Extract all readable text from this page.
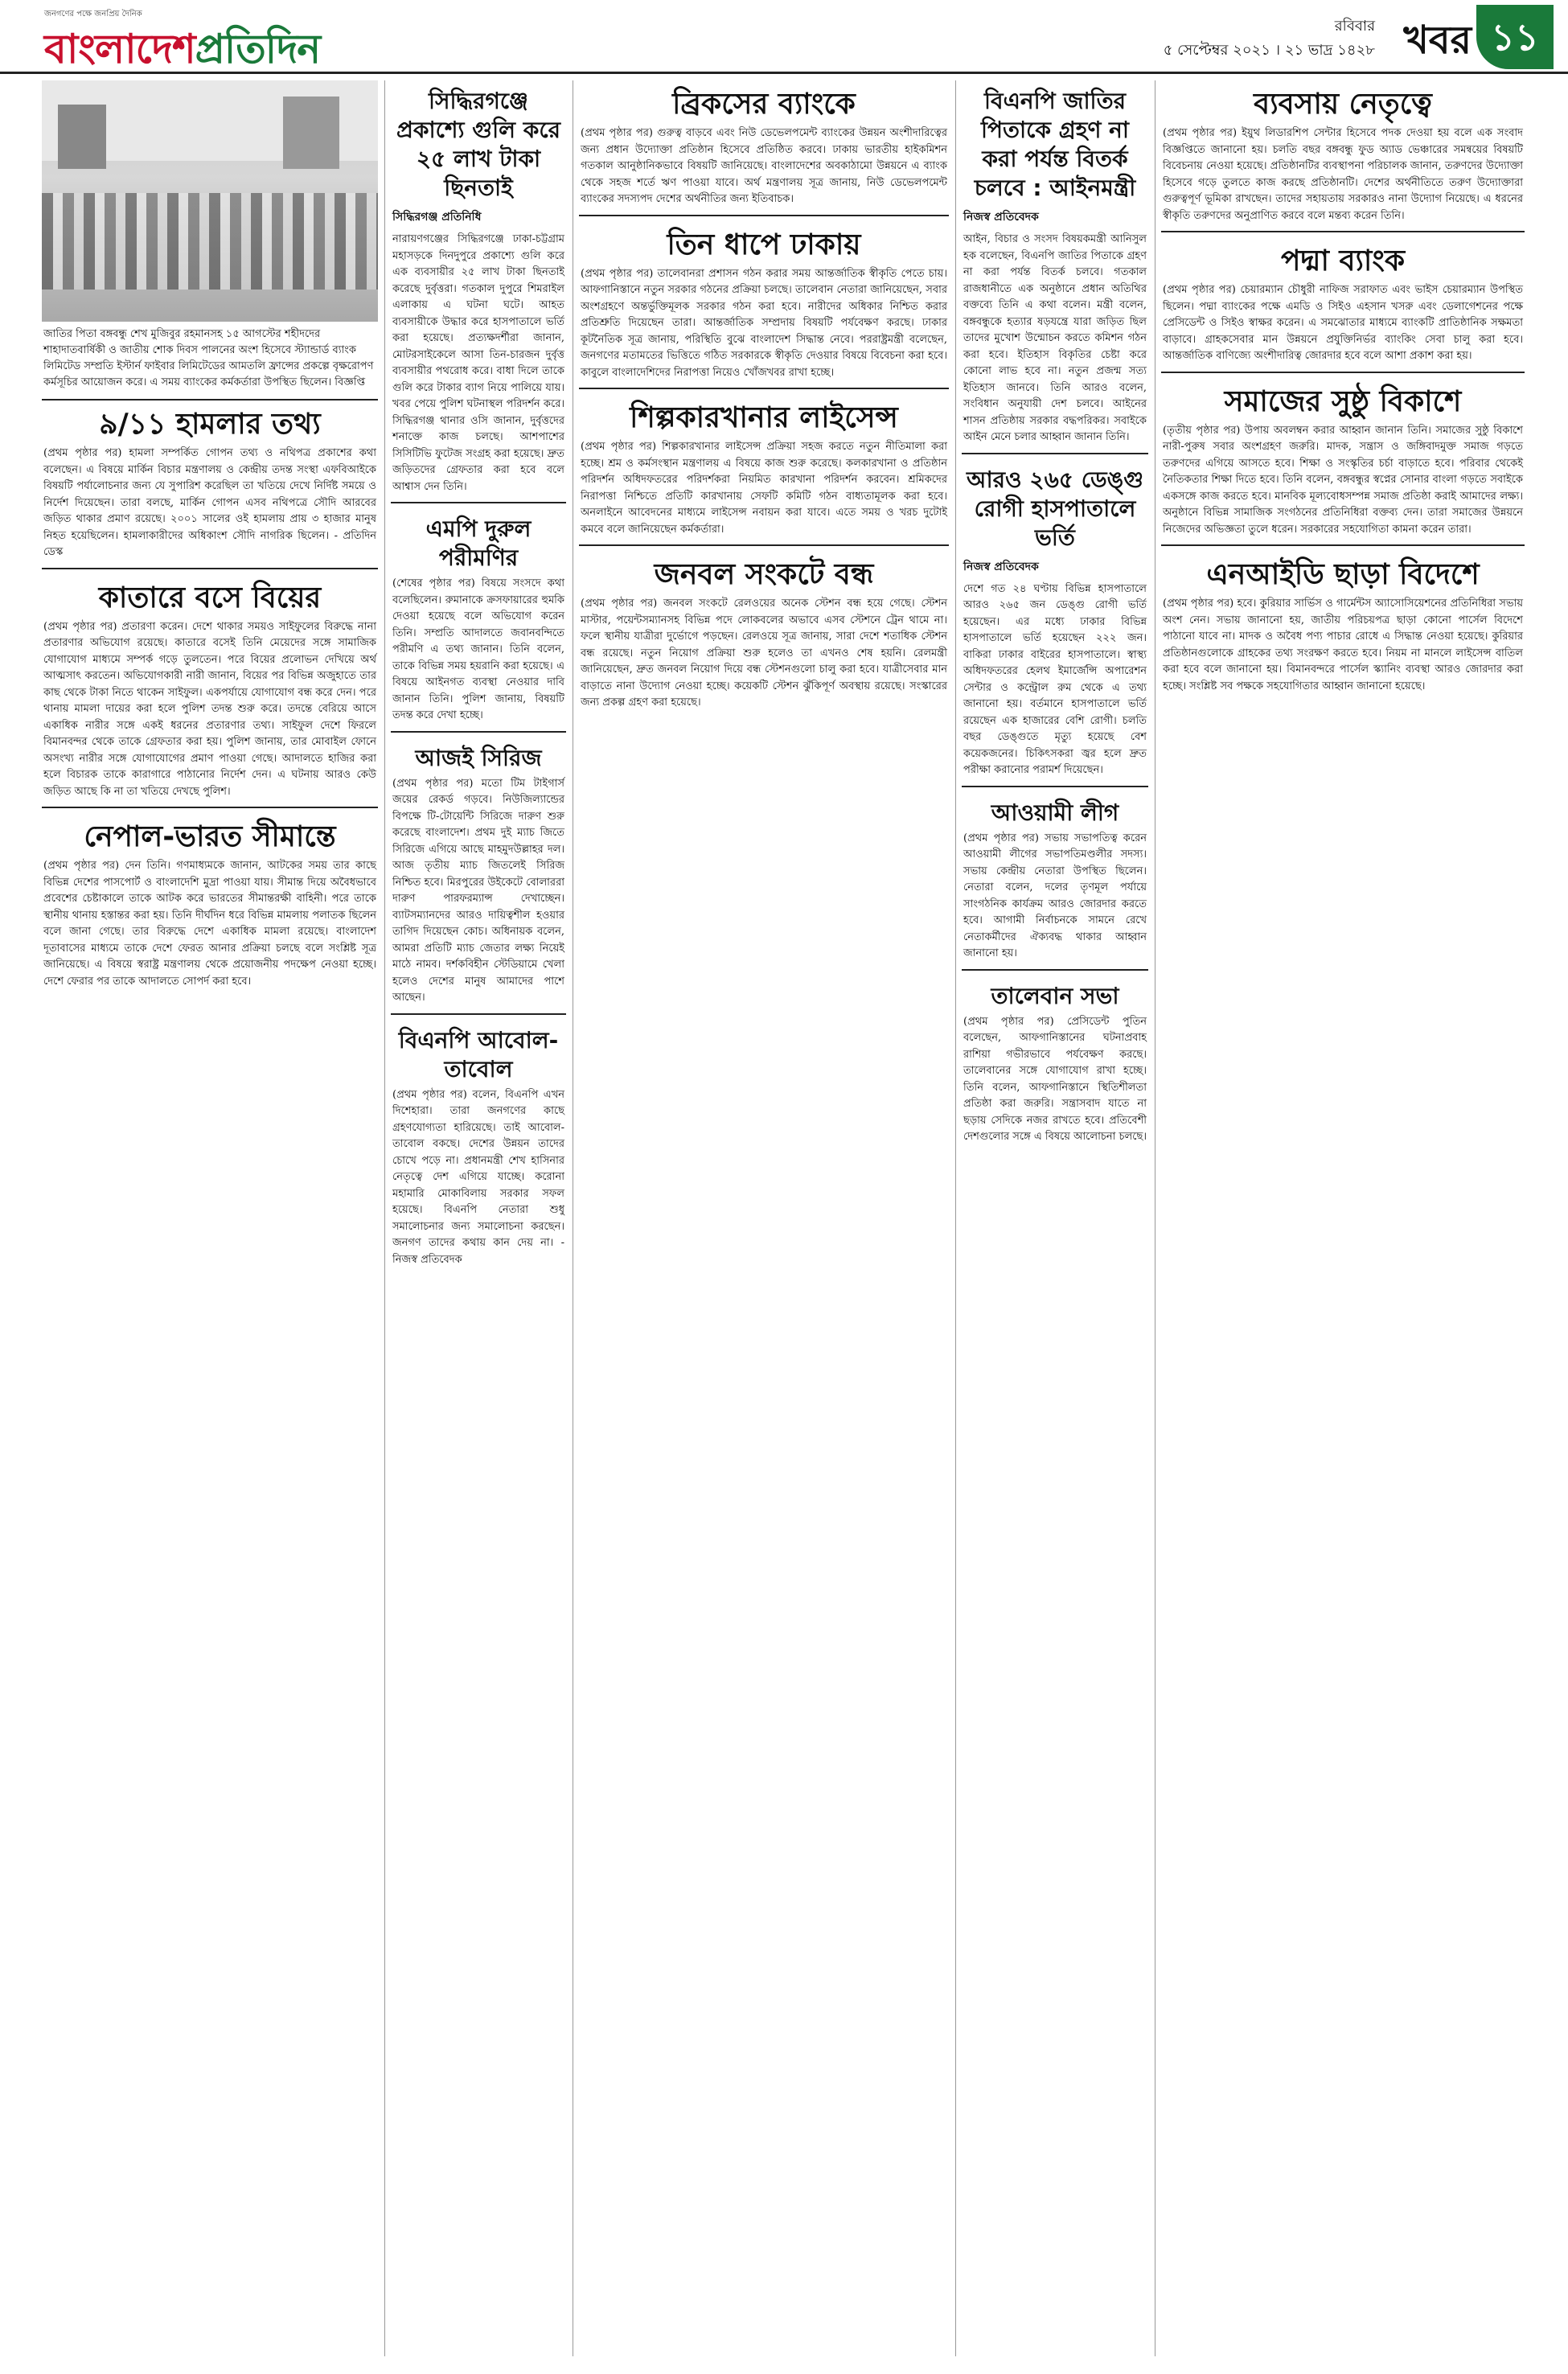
জনগণের পক্ষে জনপ্রিয় দৈনিক
বাংলাদেশপ্রতিদিন	রবিবার
৫ সেপ্টেম্বর ২০২১ । ২১ ভাদ্র ১৪২৮ খবর ১১
জাতির পিতা বঙ্গবন্ধু শেখ মুজিবুর রহমানসহ ১৫ আগস্টের শহীদদের শাহাদাতবার্ষিকী ও জাতীয় শোক দিবস পালনের অংশ হিসেবে স্ট্যান্ডার্ড ব্যাংক লিমিটেড সম্প্রতি ইস্টার্ন ফাইবার লিমিটেডের আমতলি ফ্রান্সের প্রকল্পে বৃক্ষরোপণ কর্মসূচির আয়োজন করে। এ সময় ব্যাংকের কর্মকর্তারা উপস্থিত ছিলেন। বিজ্ঞপ্তি
৯/১১ হামলার তথ্য
(প্রথম পৃষ্ঠার পর) হামলা সম্পর্কিত গোপন তথ্য ও নথিপত্র প্রকাশের কথা বলেছেন। এ বিষয়ে মার্কিন বিচার মন্ত্রণালয় ও কেন্দ্রীয় তদন্ত সংস্থা এফবিআইকে বিষয়টি পর্যালোচনার জন্য যে সুপারিশ করেছিল তা খতিয়ে দেখে নির্দিষ্ট সময়ে ও নির্দেশ দিয়েছেন। তারা বলছে, মার্কিন গোপন এসব নথিপত্রে সৌদি আরবের জড়িত থাকার প্রমাণ রয়েছে। ২০০১ সালের ওই হামলায় প্রায় ৩ হাজার মানুষ নিহত হয়েছিলেন। হামলাকারীদের অধিকাংশ সৌদি নাগরিক ছিলেন। - প্রতিদিন ডেস্ক
কাতারে বসে বিয়ের
(প্রথম পৃষ্ঠার পর) প্রতারণা করেন। দেশে থাকার সময়ও সাইফুলের বিরুদ্ধে নানা প্রতারণার অভিযোগ রয়েছে। কাতারে বসেই তিনি মেয়েদের সঙ্গে সামাজিক যোগাযোগ মাধ্যমে সম্পর্ক গড়ে তুলতেন। পরে বিয়ের প্রলোভন দেখিয়ে অর্থ আত্মসাৎ করতেন। অভিযোগকারী নারী জানান, বিয়ের পর বিভিন্ন অজুহাতে তার কাছ থেকে টাকা নিতে থাকেন সাইফুল। একপর্যায়ে যোগাযোগ বন্ধ করে দেন। পরে থানায় মামলা দায়ের করা হলে পুলিশ তদন্ত শুরু করে। তদন্তে বেরিয়ে আসে একাধিক নারীর সঙ্গে একই ধরনের প্রতারণার তথ্য। সাইফুল দেশে ফিরলে বিমানবন্দর থেকে তাকে গ্রেফতার করা হয়। পুলিশ জানায়, তার মোবাইল ফোনে অসংখ্য নারীর সঙ্গে যোগাযোগের প্রমাণ পাওয়া গেছে। আদালতে হাজির করা হলে বিচারক তাকে কারাগারে পাঠানোর নির্দেশ দেন। এ ঘটনায় আরও কেউ জড়িত আছে কি না তা খতিয়ে দেখছে পুলিশ।
নেপাল-ভারত সীমান্তে
(প্রথম পৃষ্ঠার পর) দেন তিনি। গণমাধ্যমকে জানান, আটকের সময় তার কাছে বিভিন্ন দেশের পাসপোর্ট ও বাংলাদেশি মুদ্রা পাওয়া যায়। সীমান্ত দিয়ে অবৈধভাবে প্রবেশের চেষ্টাকালে তাকে আটক করে ভারতের সীমান্তরক্ষী বাহিনী। পরে তাকে স্থানীয় থানায় হস্তান্তর করা হয়। তিনি দীর্ঘদিন ধরে বিভিন্ন মামলায় পলাতক ছিলেন বলে জানা গেছে। তার বিরুদ্ধে দেশে একাধিক মামলা রয়েছে। বাংলাদেশ দূতাবাসের মাধ্যমে তাকে দেশে ফেরত আনার প্রক্রিয়া চলছে বলে সংশ্লিষ্ট সূত্র জানিয়েছে। এ বিষয়ে স্বরাষ্ট্র মন্ত্রণালয় থেকে প্রয়োজনীয় পদক্ষেপ নেওয়া হচ্ছে। দেশে ফেরার পর তাকে আদালতে সোপর্দ করা হবে।
সিদ্ধিরগঞ্জে প্রকাশ্যে গুলি করে ২৫ লাখ টাকা ছিনতাই
সিদ্ধিরগঞ্জ প্রতিনিধি
নারায়ণগঞ্জের সিদ্ধিরগঞ্জে ঢাকা-চট্টগ্রাম মহাসড়কে দিনদুপুরে প্রকাশ্যে গুলি করে এক ব্যবসায়ীর ২৫ লাখ টাকা ছিনতাই করেছে দুর্বৃত্তরা। গতকাল দুপুরে শিমরাইল এলাকায় এ ঘটনা ঘটে। আহত ব্যবসায়ীকে উদ্ধার করে হাসপাতালে ভর্তি করা হয়েছে। প্রত্যক্ষদর্শীরা জানান, মোটরসাইকেলে আসা তিন-চারজন দুর্বৃত্ত ব্যবসায়ীর পথরোধ করে। বাধা দিলে তাকে গুলি করে টাকার ব্যাগ নিয়ে পালিয়ে যায়। খবর পেয়ে পুলিশ ঘটনাস্থল পরিদর্শন করে। সিদ্ধিরগঞ্জ থানার ওসি জানান, দুর্বৃত্তদের শনাক্তে কাজ চলছে। আশপাশের সিসিটিভি ফুটেজ সংগ্রহ করা হয়েছে। দ্রুত জড়িতদের গ্রেফতার করা হবে বলে আশ্বাস দেন তিনি।
এমপি দুরুল পরীমণির
(শেষের পৃষ্ঠার পর) বিষয়ে সংসদে কথা বলেছিলেন। রুমানাকে ক্রসফায়ারের হুমকি দেওয়া হয়েছে বলে অভিযোগ করেন তিনি। সম্প্রতি আদালতে জবানবন্দিতে পরীমণি এ তথ্য জানান। তিনি বলেন, তাকে বিভিন্ন সময় হয়রানি করা হয়েছে। এ বিষয়ে আইনগত ব্যবস্থা নেওয়ার দাবি জানান তিনি। পুলিশ জানায়, বিষয়টি তদন্ত করে দেখা হচ্ছে।
আজই সিরিজ
(প্রথম পৃষ্ঠার পর) মতো টিম টাইগার্স জয়ের রেকর্ড গড়বে। নিউজিল্যান্ডের বিপক্ষে টি-টোয়েন্টি সিরিজে দারুণ শুরু করেছে বাংলাদেশ। প্রথম দুই ম্যাচ জিতে সিরিজে এগিয়ে আছে মাহমুদউল্লাহর দল। আজ তৃতীয় ম্যাচ জিতলেই সিরিজ নিশ্চিত হবে। মিরপুরের উইকেটে বোলাররা দারুণ পারফরম্যান্স দেখাচ্ছেন। ব্যাটসম্যানদের আরও দায়িত্বশীল হওয়ার তাগিদ দিয়েছেন কোচ। অধিনায়ক বলেন, আমরা প্রতিটি ম্যাচ জেতার লক্ষ্য নিয়েই মাঠে নামব। দর্শকবিহীন স্টেডিয়ামে খেলা হলেও দেশের মানুষ আমাদের পাশে আছেন।
বিএনপি আবোল-তাবোল
(প্রথম পৃষ্ঠার পর) বলেন, বিএনপি এখন দিশেহারা। তারা জনগণের কাছে গ্রহণযোগ্যতা হারিয়েছে। তাই আবোল-তাবোল বকছে। দেশের উন্নয়ন তাদের চোখে পড়ে না। প্রধানমন্ত্রী শেখ হাসিনার নেতৃত্বে দেশ এগিয়ে যাচ্ছে। করোনা মহামারি মোকাবিলায় সরকার সফল হয়েছে। বিএনপি নেতারা শুধু সমালোচনার জন্য সমালোচনা করছেন। জনগণ তাদের কথায় কান দেয় না। - নিজস্ব প্রতিবেদক
ব্রিকসের ব্যাংকে
(প্রথম পৃষ্ঠার পর) গুরুত্ব বাড়বে এবং নিউ ডেভেলপমেন্ট ব্যাংকের উন্নয়ন অংশীদারিত্বের জন্য প্রধান উদ্যোক্তা প্রতিষ্ঠান হিসেবে প্রতিষ্ঠিত করবে। ঢাকায় ভারতীয় হাইকমিশন গতকাল আনুষ্ঠানিকভাবে বিষয়টি জানিয়েছে। বাংলাদেশের অবকাঠামো উন্নয়নে এ ব্যাংক থেকে সহজ শর্তে ঋণ পাওয়া যাবে। অর্থ মন্ত্রণালয় সূত্র জানায়, নিউ ডেভেলপমেন্ট ব্যাংকের সদস্যপদ দেশের অর্থনীতির জন্য ইতিবাচক।
তিন ধাপে ঢাকায়
(প্রথম পৃষ্ঠার পর) তালেবানরা প্রশাসন গঠন করার সময় আন্তর্জাতিক স্বীকৃতি পেতে চায়। আফগানিস্তানে নতুন সরকার গঠনের প্রক্রিয়া চলছে। তালেবান নেতারা জানিয়েছেন, সবার অংশগ্রহণে অন্তর্ভুক্তিমূলক সরকার গঠন করা হবে। নারীদের অধিকার নিশ্চিত করার প্রতিশ্রুতি দিয়েছেন তারা। আন্তর্জাতিক সম্প্রদায় বিষয়টি পর্যবেক্ষণ করছে। ঢাকার কূটনৈতিক সূত্র জানায়, পরিস্থিতি বুঝে বাংলাদেশ সিদ্ধান্ত নেবে। পররাষ্ট্রমন্ত্রী বলেছেন, জনগণের মতামতের ভিত্তিতে গঠিত সরকারকে স্বীকৃতি দেওয়ার বিষয়ে বিবেচনা করা হবে। কাবুলে বাংলাদেশিদের নিরাপত্তা নিয়েও খোঁজখবর রাখা হচ্ছে।
শিল্পকারখানার লাইসেন্স
(প্রথম পৃষ্ঠার পর) শিল্পকারখানার লাইসেন্স প্রক্রিয়া সহজ করতে নতুন নীতিমালা করা হচ্ছে। শ্রম ও কর্মসংস্থান মন্ত্রণালয় এ বিষয়ে কাজ শুরু করেছে। কলকারখানা ও প্রতিষ্ঠান পরিদর্শন অধিদফতরের পরিদর্শকরা নিয়মিত কারখানা পরিদর্শন করবেন। শ্রমিকদের নিরাপত্তা নিশ্চিতে প্রতিটি কারখানায় সেফটি কমিটি গঠন বাধ্যতামূলক করা হবে। অনলাইনে আবেদনের মাধ্যমে লাইসেন্স নবায়ন করা যাবে। এতে সময় ও খরচ দুটোই কমবে বলে জানিয়েছেন কর্মকর্তারা।
জনবল সংকটে বন্ধ
(প্রথম পৃষ্ঠার পর) জনবল সংকটে রেলওয়ের অনেক স্টেশন বন্ধ হয়ে গেছে। স্টেশন মাস্টার, পয়েন্টসম্যানসহ বিভিন্ন পদে লোকবলের অভাবে এসব স্টেশনে ট্রেন থামে না। ফলে স্থানীয় যাত্রীরা দুর্ভোগে পড়ছেন। রেলওয়ে সূত্র জানায়, সারা দেশে শতাধিক স্টেশন বন্ধ রয়েছে। নতুন নিয়োগ প্রক্রিয়া শুরু হলেও তা এখনও শেষ হয়নি। রেলমন্ত্রী জানিয়েছেন, দ্রুত জনবল নিয়োগ দিয়ে বন্ধ স্টেশনগুলো চালু করা হবে। যাত্রীসেবার মান বাড়াতে নানা উদ্যোগ নেওয়া হচ্ছে। কয়েকটি স্টেশন ঝুঁকিপূর্ণ অবস্থায় রয়েছে। সংস্কারের জন্য প্রকল্প গ্রহণ করা হয়েছে।
বিএনপি জাতির পিতাকে গ্রহণ না করা পর্যন্ত বিতর্ক চলবে : আইনমন্ত্রী
নিজস্ব প্রতিবেদক
আইন, বিচার ও সংসদ বিষয়কমন্ত্রী আনিসুল হক বলেছেন, বিএনপি জাতির পিতাকে গ্রহণ না করা পর্যন্ত বিতর্ক চলবে। গতকাল রাজধানীতে এক অনুষ্ঠানে প্রধান অতিথির বক্তব্যে তিনি এ কথা বলেন। মন্ত্রী বলেন, বঙ্গবন্ধুকে হত্যার ষড়যন্ত্রে যারা জড়িত ছিল তাদের মুখোশ উন্মোচন করতে কমিশন গঠন করা হবে। ইতিহাস বিকৃতির চেষ্টা করে কোনো লাভ হবে না। নতুন প্রজন্ম সত্য ইতিহাস জানবে। তিনি আরও বলেন, সংবিধান অনুযায়ী দেশ চলবে। আইনের শাসন প্রতিষ্ঠায় সরকার বদ্ধপরিকর। সবাইকে আইন মেনে চলার আহ্বান জানান তিনি।
আরও ২৬৫ ডেঙ্গু রোগী হাসপাতালে ভর্তি
নিজস্ব প্রতিবেদক
দেশে গত ২৪ ঘণ্টায় বিভিন্ন হাসপাতালে আরও ২৬৫ জন ডেঙ্গু রোগী ভর্তি হয়েছেন। এর মধ্যে ঢাকার বিভিন্ন হাসপাতালে ভর্তি হয়েছেন ২২২ জন। বাকিরা ঢাকার বাইরের হাসপাতালে। স্বাস্থ্য অধিদফতরের হেলথ ইমার্জেন্সি অপারেশন সেন্টার ও কন্ট্রোল রুম থেকে এ তথ্য জানানো হয়। বর্তমানে হাসপাতালে ভর্তি রয়েছেন এক হাজারের বেশি রোগী। চলতি বছর ডেঙ্গুতে মৃত্যু হয়েছে বেশ কয়েকজনের। চিকিৎসকরা জ্বর হলে দ্রুত পরীক্ষা করানোর পরামর্শ দিয়েছেন।
আওয়ামী লীগ
(প্রথম পৃষ্ঠার পর) সভায় সভাপতিত্ব করেন আওয়ামী লীগের সভাপতিমণ্ডলীর সদস্য। সভায় কেন্দ্রীয় নেতারা উপস্থিত ছিলেন। নেতারা বলেন, দলের তৃণমূল পর্যায়ে সাংগঠনিক কার্যক্রম আরও জোরদার করতে হবে। আগামী নির্বাচনকে সামনে রেখে নেতাকর্মীদের ঐক্যবদ্ধ থাকার আহ্বান জানানো হয়।
তালেবান সভা
(প্রথম পৃষ্ঠার পর) প্রেসিডেন্ট পুতিন বলেছেন, আফগানিস্তানের ঘটনাপ্রবাহ রাশিয়া গভীরভাবে পর্যবেক্ষণ করছে। তালেবানের সঙ্গে যোগাযোগ রাখা হচ্ছে। তিনি বলেন, আফগানিস্তানে স্থিতিশীলতা প্রতিষ্ঠা করা জরুরি। সন্ত্রাসবাদ যাতে না ছড়ায় সেদিকে নজর রাখতে হবে। প্রতিবেশী দেশগুলোর সঙ্গে এ বিষয়ে আলোচনা চলছে।
ব্যবসায় নেতৃত্বে
(প্রথম পৃষ্ঠার পর) ইয়ুথ লিডারশিপ সেন্টার হিসেবে পদক দেওয়া হয় বলে এক সংবাদ বিজ্ঞপ্তিতে জানানো হয়। চলতি বছর বঙ্গবন্ধু ফুড অ্যাড ভেঞ্চারের সমন্বয়ের বিষয়টি বিবেচনায় নেওয়া হয়েছে। প্রতিষ্ঠানটির ব্যবস্থাপনা পরিচালক জানান, তরুণদের উদ্যোক্তা হিসেবে গড়ে তুলতে কাজ করছে প্রতিষ্ঠানটি। দেশের অর্থনীতিতে তরুণ উদ্যোক্তারা গুরুত্বপূর্ণ ভূমিকা রাখছেন। তাদের সহায়তায় সরকারও নানা উদ্যোগ নিয়েছে। এ ধরনের স্বীকৃতি তরুণদের অনুপ্রাণিত করবে বলে মন্তব্য করেন তিনি।
পদ্মা ব্যাংক
(প্রথম পৃষ্ঠার পর) চেয়ারম্যান চৌধুরী নাফিজ সরাফাত এবং ভাইস চেয়ারম্যান উপস্থিত ছিলেন। পদ্মা ব্যাংকের পক্ষে এমডি ও সিইও এহসান খসরু এবং ডেলাগেশনের পক্ষে প্রেসিডেন্ট ও সিইও স্বাক্ষর করেন। এ সমঝোতার মাধ্যমে ব্যাংকটি প্রাতিষ্ঠানিক সক্ষমতা বাড়াবে। গ্রাহকসেবার মান উন্নয়নে প্রযুক্তিনির্ভর ব্যাংকিং সেবা চালু করা হবে। আন্তর্জাতিক বাণিজ্যে অংশীদারিত্ব জোরদার হবে বলে আশা প্রকাশ করা হয়।
সমাজের সুষ্ঠু বিকাশে
(তৃতীয় পৃষ্ঠার পর) উপায় অবলম্বন করার আহ্বান জানান তিনি। সমাজের সুষ্ঠু বিকাশে নারী-পুরুষ সবার অংশগ্রহণ জরুরি। মাদক, সন্ত্রাস ও জঙ্গিবাদমুক্ত সমাজ গড়তে তরুণদের এগিয়ে আসতে হবে। শিক্ষা ও সংস্কৃতির চর্চা বাড়াতে হবে। পরিবার থেকেই নৈতিকতার শিক্ষা দিতে হবে। তিনি বলেন, বঙ্গবন্ধুর স্বপ্নের সোনার বাংলা গড়তে সবাইকে একসঙ্গে কাজ করতে হবে। মানবিক মূল্যবোধসম্পন্ন সমাজ প্রতিষ্ঠা করাই আমাদের লক্ষ্য। অনুষ্ঠানে বিভিন্ন সামাজিক সংগঠনের প্রতিনিধিরা বক্তব্য দেন। তারা সমাজের উন্নয়নে নিজেদের অভিজ্ঞতা তুলে ধরেন। সরকারের সহযোগিতা কামনা করেন তারা।
এনআইডি ছাড়া বিদেশে
(প্রথম পৃষ্ঠার পর) হবে। কুরিয়ার সার্ভিস ও গার্মেন্টস অ্যাসোসিয়েশনের প্রতিনিধিরা সভায় অংশ নেন। সভায় জানানো হয়, জাতীয় পরিচয়পত্র ছাড়া কোনো পার্সেল বিদেশে পাঠানো যাবে না। মাদক ও অবৈধ পণ্য পাচার রোধে এ সিদ্ধান্ত নেওয়া হয়েছে। কুরিয়ার প্রতিষ্ঠানগুলোকে গ্রাহকের তথ্য সংরক্ষণ করতে হবে। নিয়ম না মানলে লাইসেন্স বাতিল করা হবে বলে জানানো হয়। বিমানবন্দরে পার্সেল স্ক্যানিং ব্যবস্থা আরও জোরদার করা হচ্ছে। সংশ্লিষ্ট সব পক্ষকে সহযোগিতার আহ্বান জানানো হয়েছে।
